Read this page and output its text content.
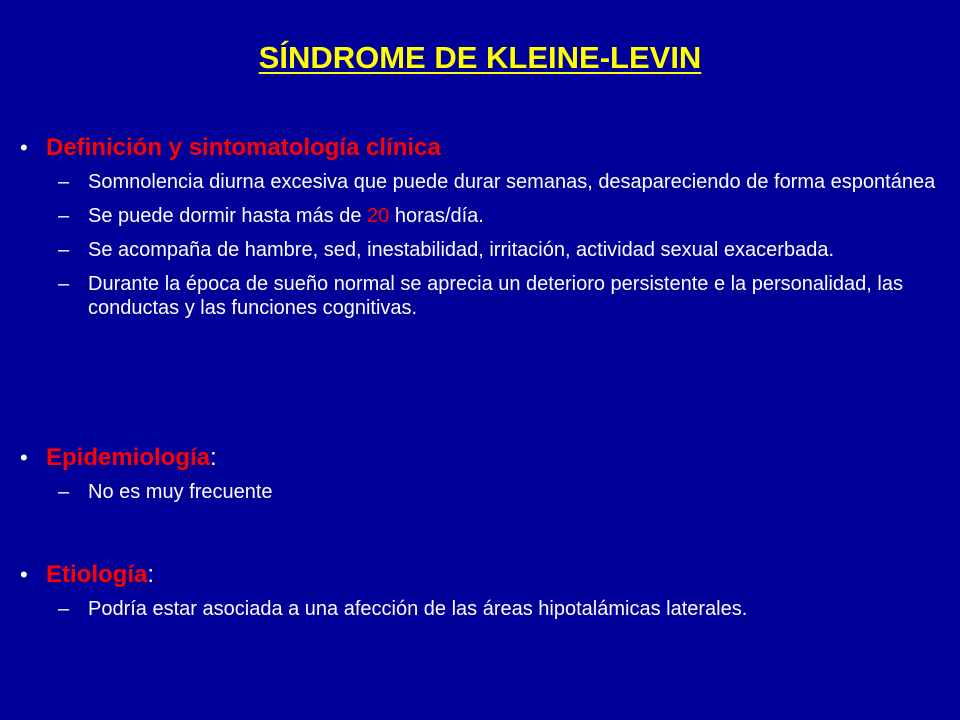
SÍNDROME DE KLEINE-LEVIN
• Definición y sintomatología clínica
– Somnolencia diurna excesiva que puede durar semanas, desapareciendo de forma espontánea
– Se puede dormir hasta más de 20 horas/día.
– Se acompaña de hambre, sed, inestabilidad, irritación, actividad sexual exacerbada.
– Durante la época de sueño normal se aprecia un deterioro persistente e la personalidad, las conductas y las funciones cognitivas.
• Epidemiología:
– No es muy frecuente
• Etiología:
– Podría estar asociada a una afección de las áreas hipotalámicas laterales.
